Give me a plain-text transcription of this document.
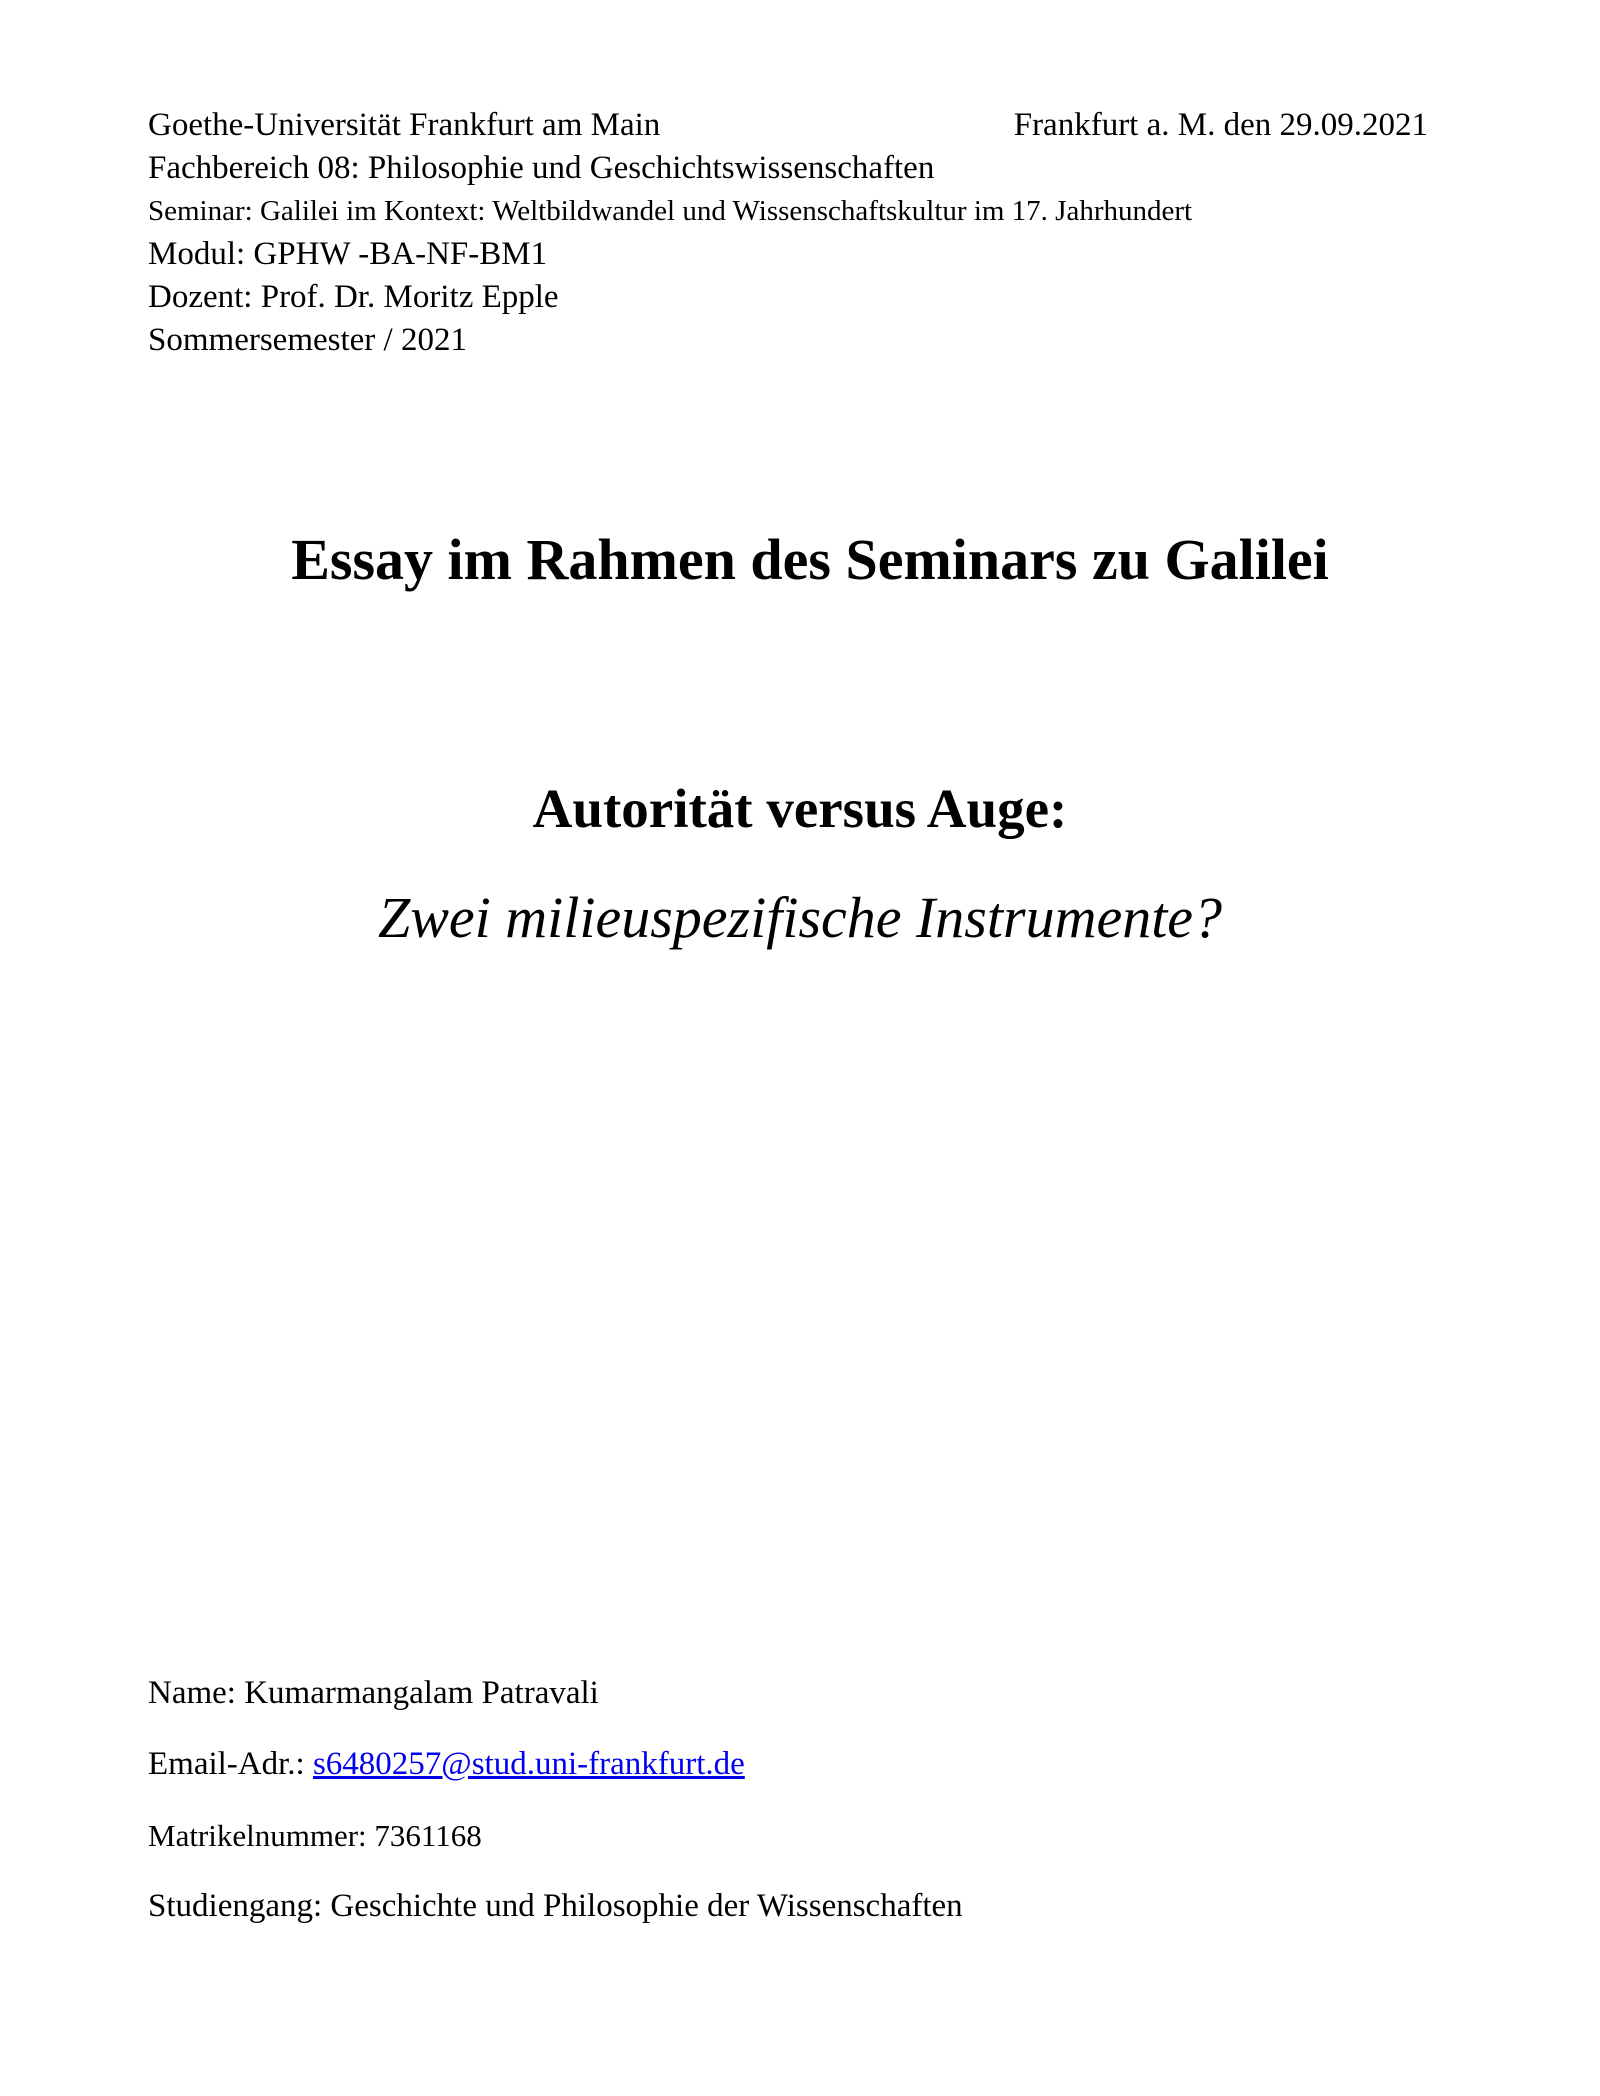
Frankfurt a. M. den 29.09.2021
Goethe-Universität Frankfurt am Main
Fachbereich 08: Philosophie und Geschichtswissenschaften
Seminar: Galilei im Kontext: Weltbildwandel und Wissenschaftskultur im 17. Jahrhundert
Modul: GPHW -BA-NF-BM1
Dozent: Prof. Dr. Moritz Epple
Sommersemester / 2021
Essay im Rahmen des Seminars zu Galilei
Autorität versus Auge:
Zwei milieuspezifische Instrumente?
Name: Kumarmangalam Patravali
Email-Adr.: s6480257@stud.uni-frankfurt.de
Matrikelnummer: 7361168
Studiengang: Geschichte und Philosophie der Wissenschaften
